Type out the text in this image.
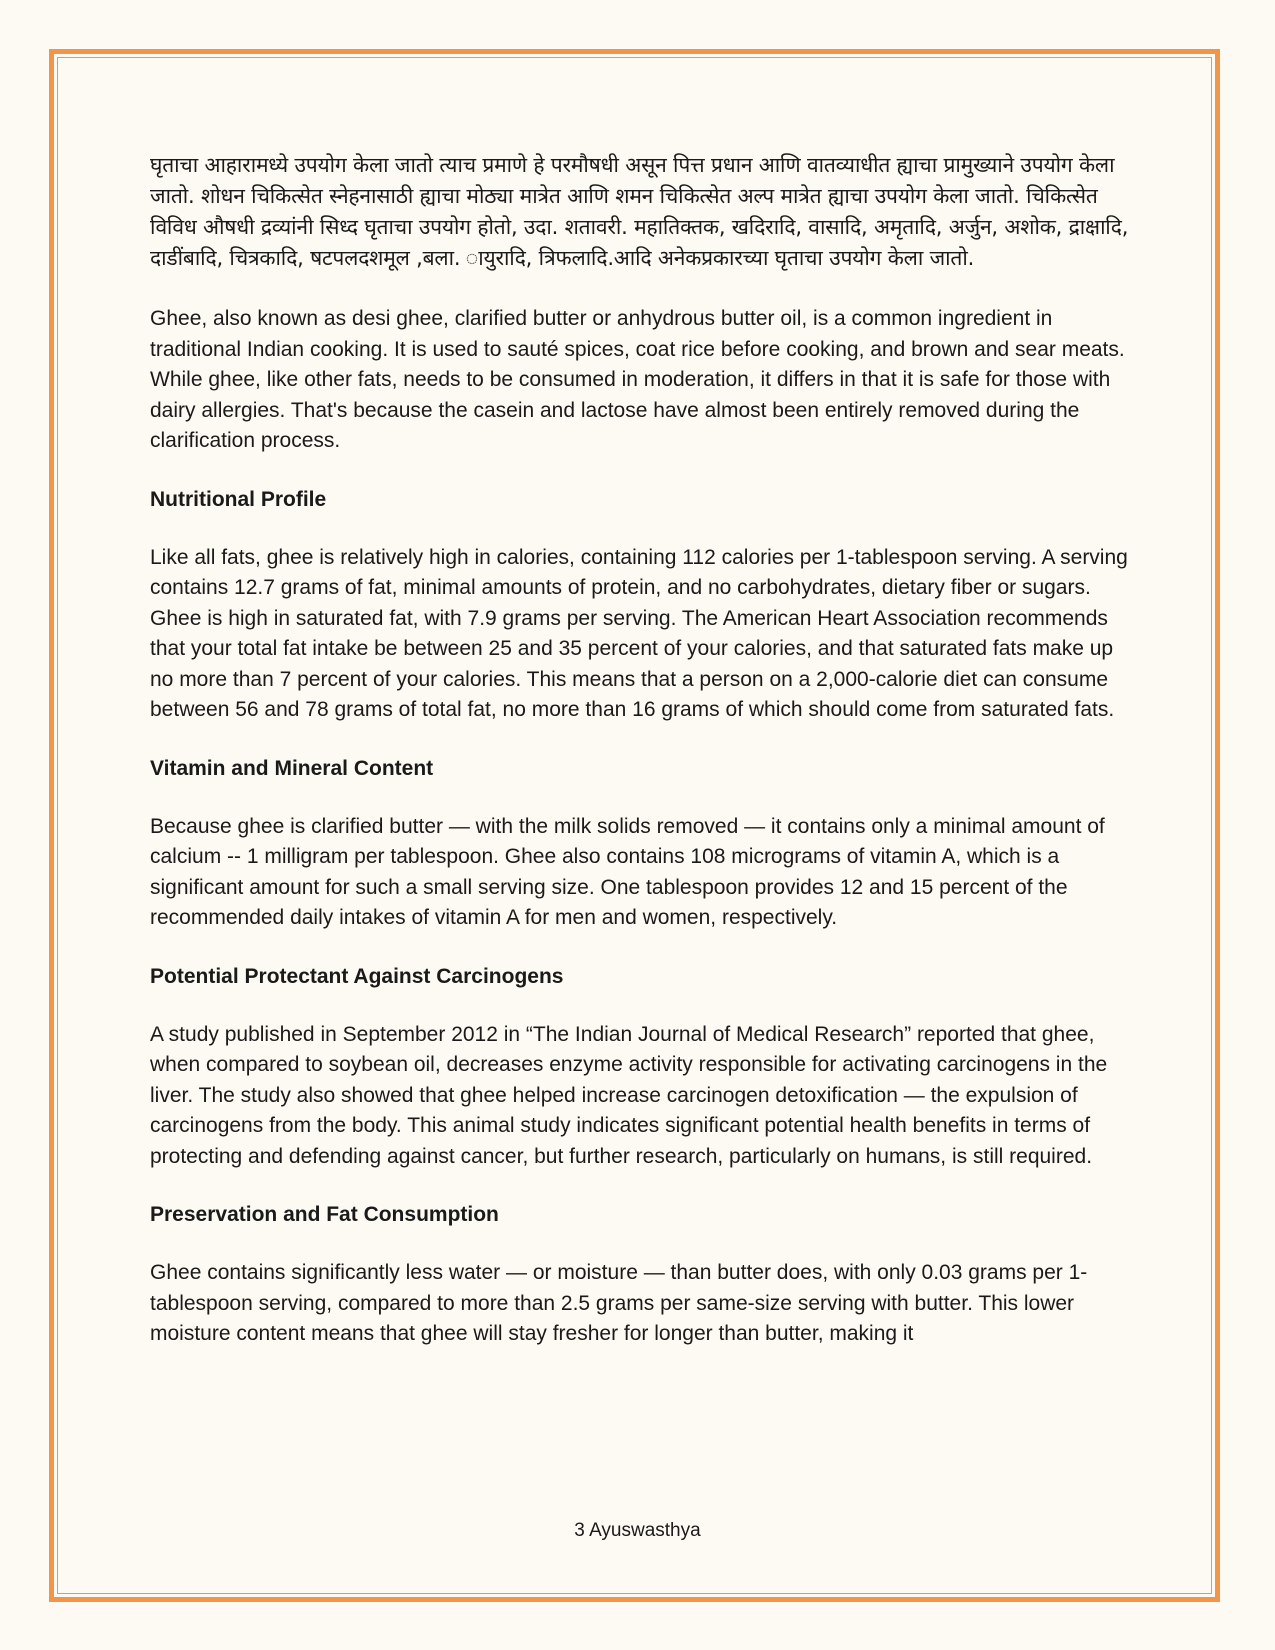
घृताचा आहारामध्ये उपयोग केला जातो त्याच प्रमाणे हे परमौषधी असून पित्त प्रधान आणि वातव्याधीत ह्याचा प्रामुख्याने उपयोग केला जातो. शोधन चिकित्सेत स्नेहनासाठी ह्याचा मोठ्या मात्रेत आणि शमन चिकित्सेत अल्प मात्रेत ह्याचा उपयोग केला जातो. चिकित्सेत विविध औषधी द्रव्यांनी सिध्द घृताचा उपयोग होतो, उदा. शतावरी. महातिक्तक, खदिरादि, वासादि, अमृतादि, अर्जुन, अशोक, द्राक्षादि, दाडींबादि, चित्रकादि, षटपलदशमूल ,बला. ायुरादि, त्रिफलादि.आदि अनेकप्रकारच्या घृताचा उपयोग केला जातो.

Ghee, also known as desi ghee, clarified butter or anhydrous butter oil, is a common ingredient in traditional Indian cooking. It is used to sauté spices, coat rice before cooking, and brown and sear meats. While ghee, like other fats, needs to be consumed in moderation, it differs in that it is safe for those with dairy allergies. That's because the casein and lactose have almost been entirely removed during the clarification process.

Nutritional Profile

Like all fats, ghee is relatively high in calories, containing 112 calories per 1-tablespoon serving. A serving contains 12.7 grams of fat, minimal amounts of protein, and no carbohydrates, dietary fiber or sugars. Ghee is high in saturated fat, with 7.9 grams per serving. The American Heart Association recommends that your total fat intake be between 25 and 35 percent of your calories, and that saturated fats make up no more than 7 percent of your calories. This means that a person on a 2,000-calorie diet can consume between 56 and 78 grams of total fat, no more than 16 grams of which should come from saturated fats.

Vitamin and Mineral Content

Because ghee is clarified butter — with the milk solids removed — it contains only a minimal amount of calcium -- 1 milligram per tablespoon. Ghee also contains 108 micrograms of vitamin A, which is a significant amount for such a small serving size. One tablespoon provides 12 and 15 percent of the recommended daily intakes of vitamin A for men and women, respectively.

Potential Protectant Against Carcinogens

A study published in September 2012 in “The Indian Journal of Medical Research” reported that ghee, when compared to soybean oil, decreases enzyme activity responsible for activating carcinogens in the liver. The study also showed that ghee helped increase carcinogen detoxification — the expulsion of carcinogens from the body. This animal study indicates significant potential health benefits in terms of protecting and defending against cancer, but further research, particularly on humans, is still required.

Preservation and Fat Consumption

Ghee contains significantly less water — or moisture — than butter does, with only 0.03 grams per 1-tablespoon serving, compared to more than 2.5 grams per same-size serving with butter. This lower moisture content means that ghee will stay fresher for longer than butter, making it

3 Ayuswasthya
